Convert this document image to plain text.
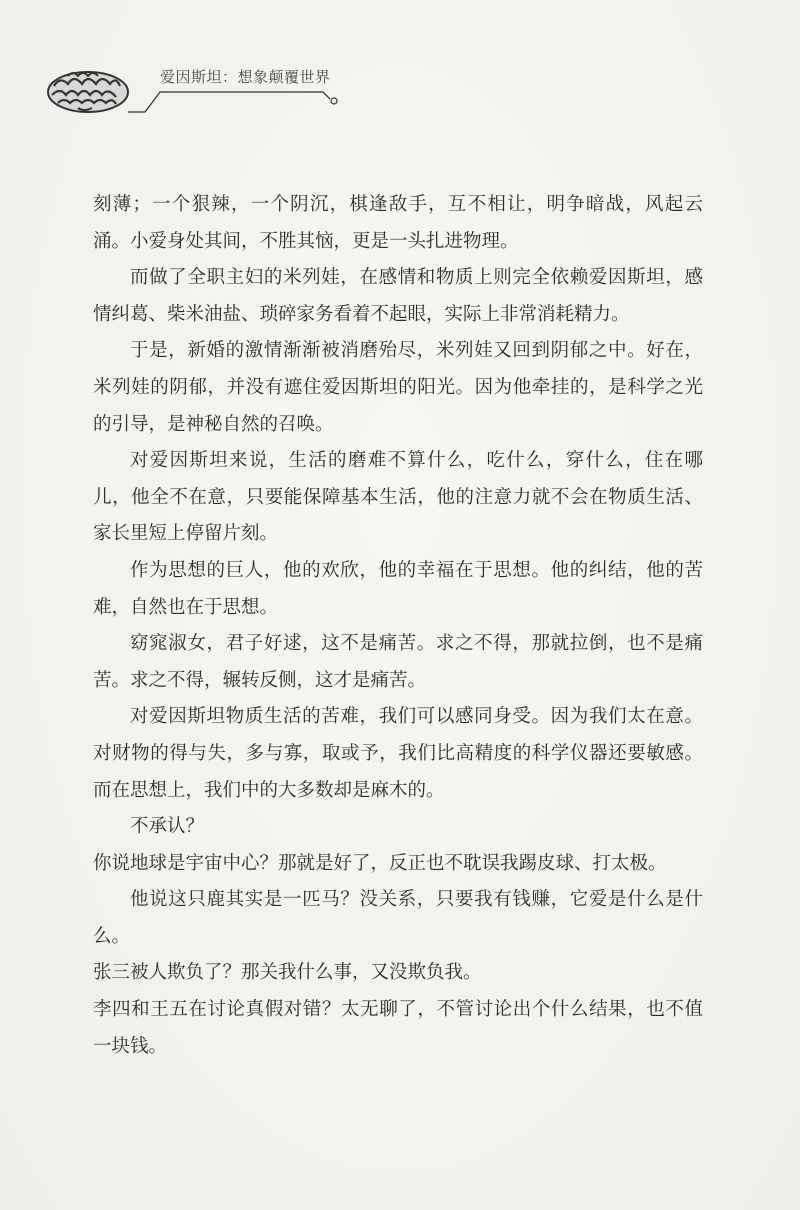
爱因斯坦：想象颠覆世界

刻薄；一个狠辣，一个阴沉，棋逢敌手，互不相让，明争暗战，风起云涌。小爱身处其间，不胜其恼，更是一头扎进物理。

而做了全职主妇的米列娃，在感情和物质上则完全依赖爱因斯坦，感情纠葛、柴米油盐、琐碎家务看着不起眼，实际上非常消耗精力。

于是，新婚的激情渐渐被消磨殆尽，米列娃又回到阴郁之中。好在，米列娃的阴郁，并没有遮住爱因斯坦的阳光。因为他牵挂的，是科学之光的引导，是神秘自然的召唤。

对爱因斯坦来说，生活的磨难不算什么，吃什么，穿什么，住在哪儿，他全不在意，只要能保障基本生活，他的注意力就不会在物质生活、家长里短上停留片刻。

作为思想的巨人，他的欢欣，他的幸福在于思想。他的纠结，他的苦难，自然也在于思想。

窈窕淑女，君子好逑，这不是痛苦。求之不得，那就拉倒，也不是痛苦。求之不得，辗转反侧，这才是痛苦。

对爱因斯坦物质生活的苦难，我们可以感同身受。因为我们太在意。对财物的得与失，多与寡，取或予，我们比高精度的科学仪器还要敏感。而在思想上，我们中的大多数却是麻木的。

不承认？

你说地球是宇宙中心？那就是好了，反正也不耽误我踢皮球、打太极。

他说这只鹿其实是一匹马？没关系，只要我有钱赚，它爱是什么是什么。

张三被人欺负了？那关我什么事，又没欺负我。

李四和王五在讨论真假对错？太无聊了，不管讨论出个什么结果，也不值一块钱。
